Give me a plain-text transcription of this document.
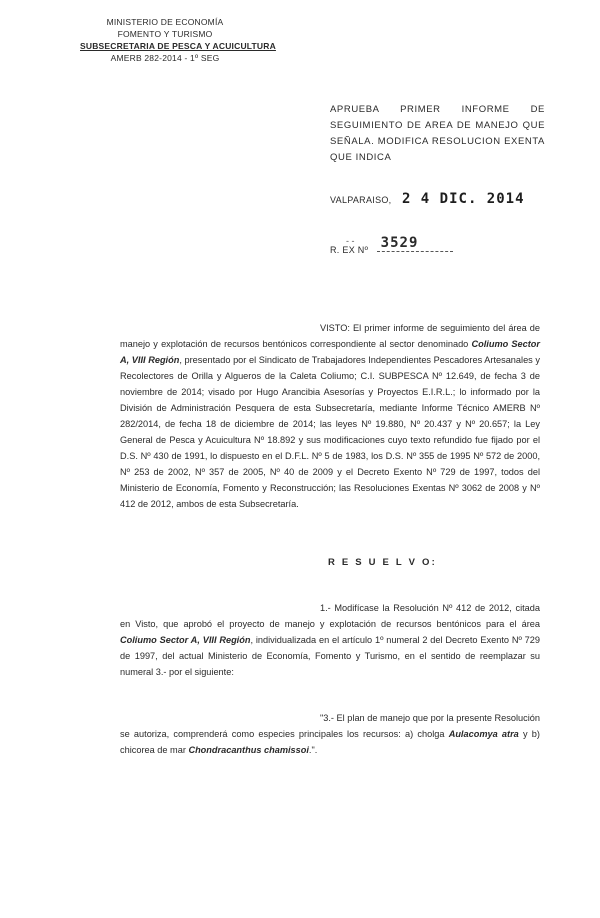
MINISTERIO DE ECONOMÍA
FOMENTO Y TURISMO
SUBSECRETARIA DE PESCA Y ACUICULTURA
AMERB 282-2014 - 1º SEG
APRUEBA PRIMER INFORME DE SEGUIMIENTO DE AREA DE MANEJO QUE SEÑALA. MODIFICA RESOLUCION EXENTA QUE INDICA
VALPARAISO, 2 4 DIC. 2014
- -
R. EX Nº 3529
VISTO: El primer informe de seguimiento del área de manejo y explotación de recursos bentónicos correspondiente al sector denominado Coliumo Sector A, VIII Región, presentado por el Sindicato de Trabajadores Independientes Pescadores Artesanales y Recolectores de Orilla y Algueros de la Caleta Coliumo; C.I. SUBPESCA Nº 12.649, de fecha 3 de noviembre de 2014; visado por Hugo Arancibia Asesorías y Proyectos E.I.R.L.; lo informado por la División de Administración Pesquera de esta Subsecretaría, mediante Informe Técnico AMERB Nº 282/2014, de fecha 18 de diciembre de 2014; las leyes Nº 19.880, Nº 20.437 y Nº 20.657; la Ley General de Pesca y Acuicultura Nº 18.892 y sus modificaciones cuyo texto refundido fue fijado por el D.S. Nº 430 de 1991, lo dispuesto en el D.F.L. Nº 5 de 1983, los D.S. Nº 355 de 1995 Nº 572 de 2000, Nº 253 de 2002, Nº 357 de 2005, Nº 40 de 2009 y el Decreto Exento Nº 729 de 1997, todos del Ministerio de Economía, Fomento y Reconstrucción; las Resoluciones Exentas Nº 3062 de 2008 y Nº 412 de 2012, ambos de esta Subsecretaría.
R E S U E L V O:
1.- Modifícase la Resolución Nº 412 de 2012, citada en Visto, que aprobó el proyecto de manejo y explotación de recursos bentónicos para el área Coliumo Sector A, VIII Región, individualizada en el artículo 1º numeral 2 del Decreto Exento Nº 729 de 1997, del actual Ministerio de Economía, Fomento y Turismo, en el sentido de reemplazar su numeral 3.- por el siguiente:
"3.- El plan de manejo que por la presente Resolución se autoriza, comprenderá como especies principales los recursos: a) cholga Aulacomya atra y b) chicorea de mar Chondracanthus chamissoi.".
